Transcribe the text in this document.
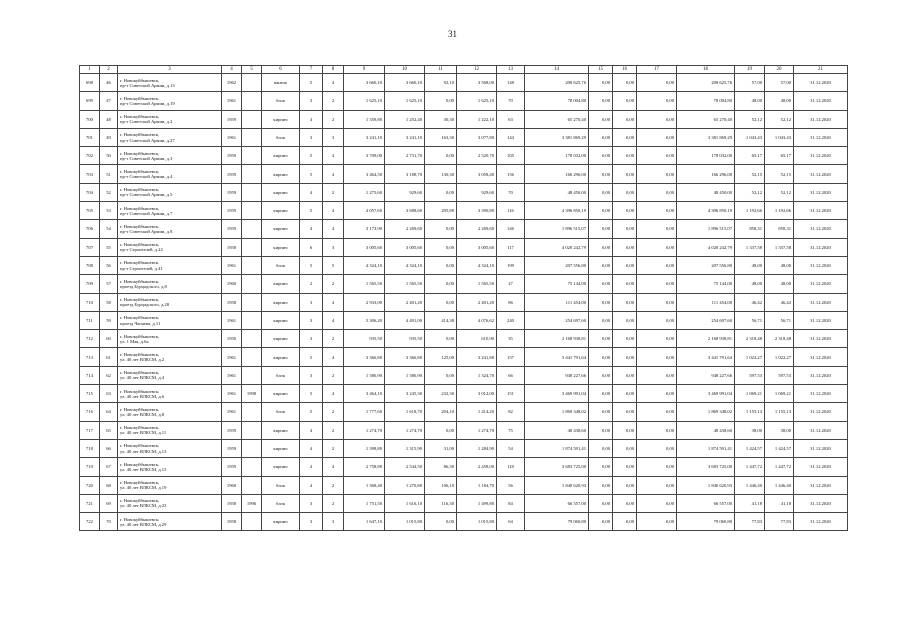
31
1	2	3	4	5	6	7	8	9	10	11	12	13	14	15	16	17	18	19	20	21
698	46	г. Новокуйбышевск,
пр-т Советской Армии, д.13	1962		панель	5	4	3 660,10	3 660,10	92,10	3 568,00	148	208 625,76	0,00	0,00	0,00	208 625,76	57,00	57,00	31.12.2020
699	47	г. Новокуйбышевск,
пр-т Советской Армии, д.19	1961		блок	3	2	1 625,10	1 625,10	0,00	1 625,10	70	78 004,80	0,00	0,00	0,00	78 004,80	48,00	48,00	31.12.2020
700	48	г. Новокуйбышевск,
пр-т Советской Армии, д.2	1959		кирпич	4	2	1 359,80	1 252,40	30,30	1 222,10	63	65 270,40	0,00	0,00	0,00	65 270,40	52,12	52,12	31.12.2020
701	49	г. Новокуйбышевск,
пр-т Советской Армии, д.27	1961		блок	3	3	3 241,10	3 241,10	163,30	3 077,80	144	3 381 869,29	0,00	0,00	0,00	3 381 869,29	1 043,43	1 043,43	31.12.2020
702	50	г. Новокуйбышевск,
пр-т Советской Армии, д.3	1959		кирпич	5	4	3 709,00	2 731,70	0,00	2 520,70	105	178 032,00	0,00	0,00	0,00	178 032,00	65,17	65,17	31.12.2020
703	51	г. Новокуйбышевск,
пр-т Советской Армии, д.4	1959		кирпич	5	4	3 464,50	3 188,70	130,30	3 058,40	156	166 296,00	0,00	0,00	0,00	166 296,00	52,15	52,15	31.12.2020
704	52	г. Новокуйбышевск,
пр-т Советской Армии, д.5	1959		кирпич	4	2	1 275,60	929,60	0,00	929,60	70	48 450,00	0,00	0,00	0,00	48 450,00	52,12	52,12	31.12.2020
705	53	г. Новокуйбышевск,
пр-т Советской Армии, д.7	1959		кирпич	5	4	4 057,60	3 688,60	295,80	3 390,80	116	4 396 850,19	0,00	0,00	0,00	4 396 850,19	1 192,66	1 192,66	31.12.2020
706	54	г. Новокуйбышевск,
пр-т Советской Армии, д.8	1959		кирпич	4	4	3 173,90	2 269,60	0,00	2 269,60	146	1 896 515,07	0,00	0,00	0,00	1 896 515,07	858,31	858,31	31.12.2020
707	55	г. Новокуйбышевск,
пр-т Строителей, д.22	1958		кирпич	6	3	3 005,60	3 005,60	0,00	3 005,60	117	4 020 242,79	0,00	0,00	0,00	4 020 242,79	1 337,58	1 337,58	31.12.2020
708	56	г. Новокуйбышевск,
пр-т Строителей, д.41	1961		блок	5	5	4 324,10	4 324,10	0,00	4 324,10	199	207 556,80	0,00	0,00	0,00	207 556,80	48,00	48,00	31.12.2020
709	57	г. Новокуйбышевск,
проезд Бурцадского, д.8	1960		кирпич	2	2	1 565,50	1 565,50	0,00	1 565,50	27	75 144,00	0,00	0,00	0,00	75 144,00	48,00	48,00	31.12.2020
710	58	г. Новокуйбышевск,
проезд Бурцадского, д.28	1958		кирпич	3	4	2 933,00	2 401,20	0,00	2 401,20	86	111 454,00	0,00	0,00	0,00	111 454,00	46,42	46,42	31.12.2020
711	59	г. Новокуйбышевск,
проезд Чапаева, д.11	1961		кирпич	3	4	5 306,20	4 491,00	414,38	4 076,62	240	254 697,60	0,00	0,00	0,00	254 697,60	56,71	56,71	31.12.2020
712	60	г. Новокуйбышевск,
ул. 1 Мая, д.6а	1950		кирпич	3	2	935,50	935,50	0,00	610,90	35	2 168 938,81	0,00	0,00	0,00	2 168 938,81	2 318,48	2 318,48	31.12.2020
713	61	г. Новокуйбышевск,
ул. 40 лет ВЛКСМ, д.2	1961		кирпич	5	4	3 366,80	3 366,80	125,00	3 241,80	157	3 441 791,64	0,00	0,00	0,00	3 441 791,64	1 022,27	1 022,27	31.12.2020
714	62	г. Новокуйбышевск,
ул. 40 лет ВЛКСМ, д.4	1961		блок	3	2	1 586,90	1 586,90	0,00	1 324,70	66	948 227,66	0,00	0,00	0,00	948 227,66	597,53	597,53	31.12.2020
715	63	г. Новокуйбышевск,
ул. 40 лет ВЛКСМ, д.6	1961	1998	кирпич	5	4	3 464,10	3 245,30	232,30	3 012,00	151	3 469 991,04	0,00	0,00	0,00	3 469 991,04	1 069,21	1 069,21	31.12.2020
716	64	г. Новокуйбышевск,
ул. 40 лет ВЛКСМ, д.8	1961		блок	5	2	1 777,60	1 618,70	204,10	1 414,20	82	1 869 348,02	0,00	0,00	0,00	1 869 348,02	1 155,13	1 155,13	31.12.2020
717	65	г. Новокуйбышевск,
ул. 40 лет ВЛКСМ, д.11	1959		кирпич	4	2	1 274,70	1 274,70	0,00	1 274,70	75	48 438,60	0,00	0,00	0,00	48 438,60	38,00	38,00	31.12.2020
718	66	г. Новокуйбышевск,
ул. 40 лет ВЛКСМ, д.13	1959		кирпич	4	2	1 398,80	1 315,90	31,00	1 284,90	54	1 874 591,41	0,00	0,00	0,00	1 874 591,41	1 424,57	1 424,57	31.12.2020
719	67	г. Новокуйбышевск,
ул. 40 лет ВЛКСМ, д.15	1959		кирпич	4	4	2 758,80	2 544,50	86,30	2 458,00	118	3 683 725,00	0,00	0,00	0,00	3 683 725,00	1 447,72	1 447,72	31.12.2020
720	68	г. Новокуйбышевск,
ул. 40 лет ВЛКСМ, д.19	1960		блок	4	2	1 368,40	1 270,80	106,10	1 184,70	56	1 840 620,93	0,00	0,00	0,00	1 840 620,93	1 446,40	1 446,40	31.12.2020
721	69	г. Новокуйбышевск,
ул. 40 лет ВЛКСМ, д.23	1958	1996	блок	3	2	1 751,50	1 616,10	116,30	1 499,80	84	66 557,00	0,00	0,00	0,00	66 557,00	41,18	41,18	31.12.2020
722	70	г. Новокуйбышевск,
ул. 40 лет ВЛКСМ, д.29	1958		кирпич	3	3	1 647,10	1 015,80	0,00	1 015,80	64	79 060,80	0,00	0,00	0,00	79 060,80	77,83	77,83	31.12.2020
